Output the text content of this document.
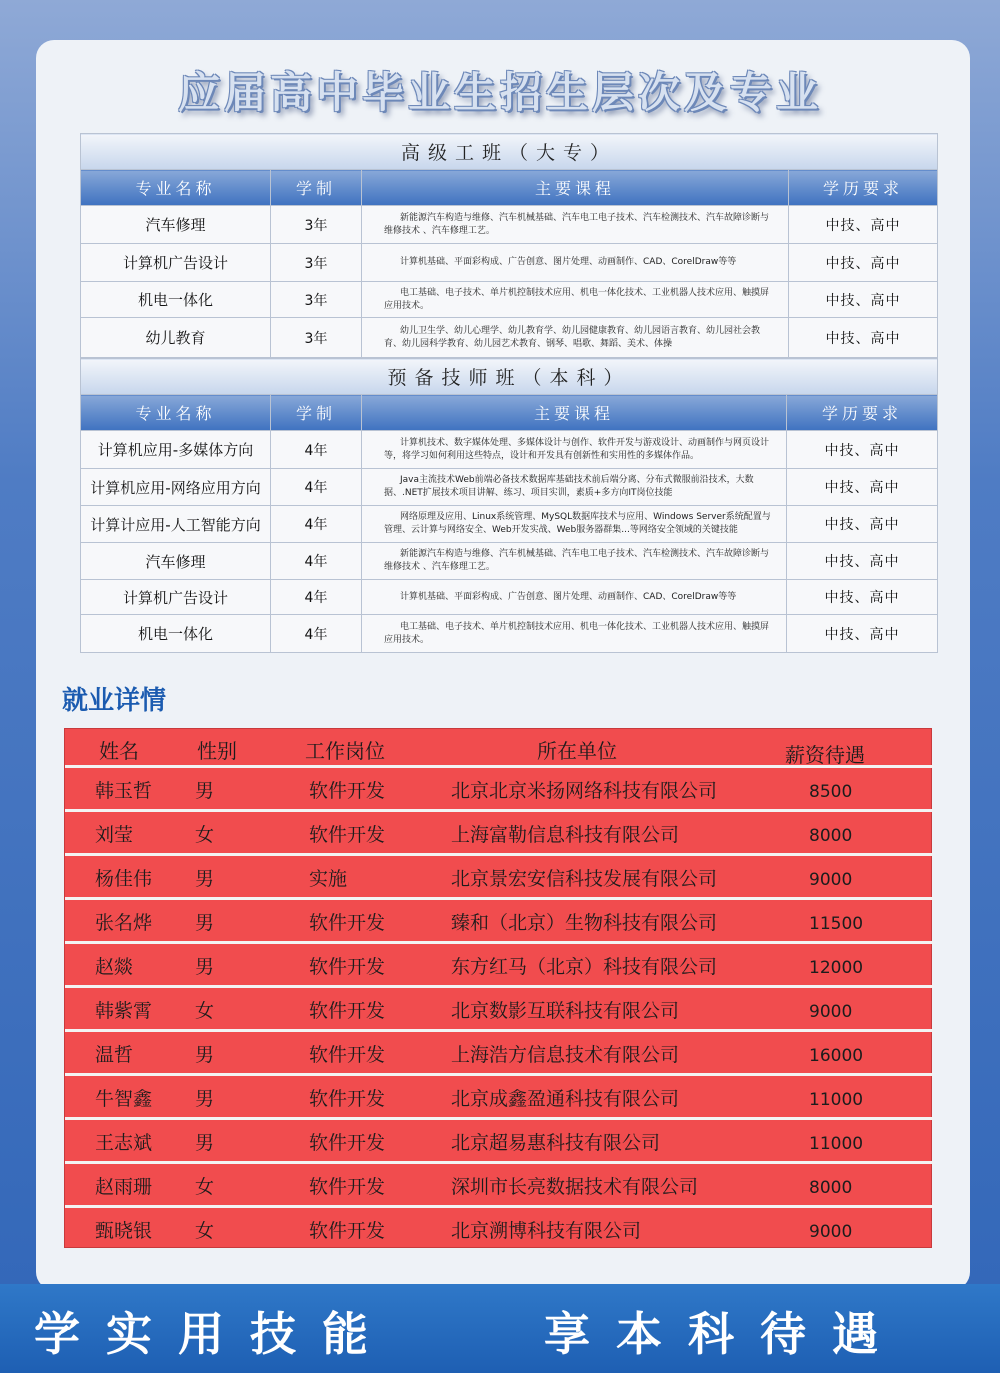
应届高中毕业生招生层次及专业
高级工班（大专）			
专业名称	学制	主要课程	学历要求
汽车修理	3年	新能源汽车构造与维修、汽车机械基础、汽车电工电子技术、汽车检测技术、汽车故障诊断与维修技术 、汽车修理工艺。	中技、高中
计算机广告设计	3年	计算机基础、平面彩构成、广告创意、图片处理、动画制作、CAD、CorelDraw等等	中技、高中
机电一体化	3年	电工基础、电子技术、单片机控制技术应用、机电一体化技术、工业机器人技术应用、触摸屏应用技术。	中技、高中
幼儿教育	3年	幼儿卫生学、幼儿心理学、幼儿教育学、幼儿园健康教育、幼儿园语言教育、幼儿园社会教育、幼儿园科学教育、幼儿园艺术教育、钢琴、唱歌、舞蹈、美术、体操	中技、高中
预备技师班（本科）			
专业名称	学制	主要课程	学历要求
计算机应用-多媒体方向	4年	计算机技术、数字媒体处理、多媒体设计与创作、软件开发与游戏设计、动画制作与网页设计等，将学习如何利用这些特点，设计和开发具有创新性和实用性的多媒体作品。	中技、高中
计算机应用-网络应用方向	4年	Java主流技术Web前端必备技术数据库基础技术前后端分离、分布式微服前沿技术，大数据、.NET扩展技术项目讲解、练习、项目实训，素质+多方向IT岗位技能	中技、高中
计算计应用-人工智能方向	4年	网络原理及应用、Linux系统管理、MySQL数据库技术与应用、Windows Server系统配置与管理、云计算与网络安全、Web开发实战、Web服务器群集...等网络安全领域的关键技能	中技、高中
汽车修理	4年	新能源汽车构造与维修、汽车机械基础、汽车电工电子技术、汽车检测技术、汽车故障诊断与维修技术 、汽车修理工艺。	中技、高中
计算机广告设计	4年	计算机基础、平面彩构成、广告创意、图片处理、动画制作、CAD、CorelDraw等等	中技、高中
机电一体化	4年	电工基础、电子技术、单片机控制技术应用、机电一体化技术、工业机器人技术应用、触摸屏应用技术。	中技、高中
就业详情
姓名	性别	工作岗位	所在单位	薪资待遇
韩玉哲 男	软件开发	北京北京米扬网络科技有限公司	8500
刘莹	女	软件开发	上海富勒信息科技有限公司	8000
杨佳伟 男	实施	北京景宏安信科技发展有限公司	9000
张名烨 男	软件开发	臻和（北京）生物科技有限公司	11500
赵燚	男	软件开发	东方红马（北京）科技有限公司	12000
韩紫霄 女	软件开发	北京数影互联科技有限公司	9000
温哲	男	软件开发	上海浩方信息技术有限公司	16000
牛智鑫 男	软件开发	北京成鑫盈通科技有限公司	11000
王志斌 男	软件开发	北京超易惠科技有限公司	11000
赵雨珊 女	软件开发	深圳市长亮数据技术有限公司	8000
甄晓银 女	软件开发	北京溯博科技有限公司	9000
学实用技能	享本科待遇
